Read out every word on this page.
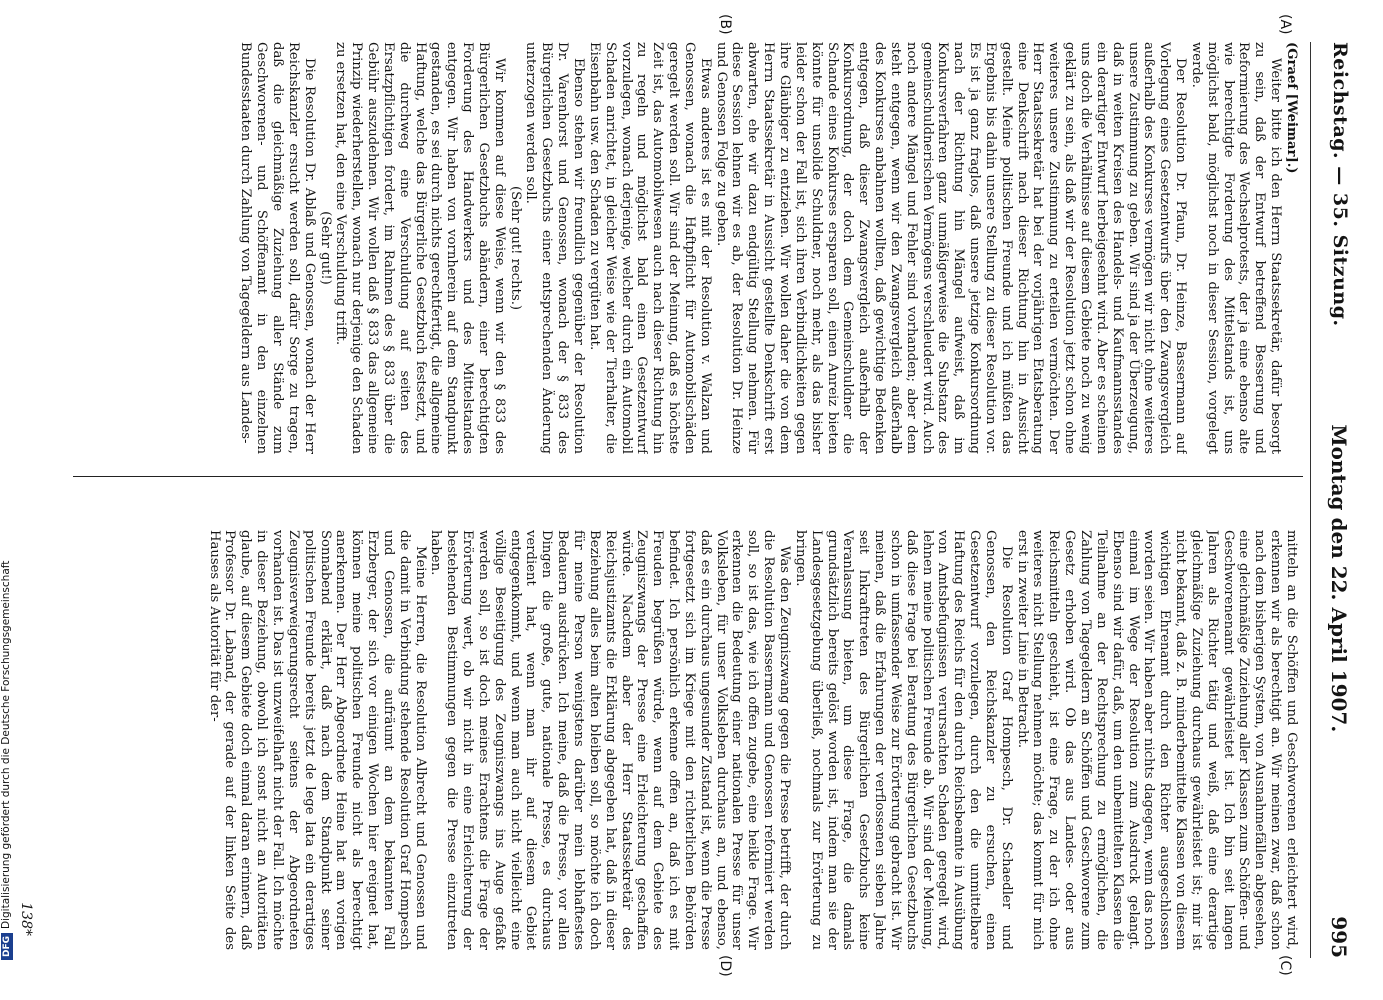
Reichstag. — 35. Sitzung.
Montag den 22. April 1907.  995
(A)
(B)
(C)
(D)

(Graef [Weimar].)

Weiter bitte ich den Herrn Staatssekretär, dafür besorgt zu sein, daß der Entwurf betreffend Besserung und Reformierung des Wechselprotests, der ja eine ebenso alte wie berechtigte Forderung des Mittelstands ist, uns möglichst bald, möglichst noch in dieser Session, vorgelegt werde.

Der Resolution Dr. Pfaun, Dr. Heinze, Bassermann auf Vorlegung eines Gesetzentwurfs über den Zwangsvergleich außerhalb des Konkurses vermögen wir nicht ohne weiteres unsere Zustimmung zu geben. Wir sind ja der Überzeugung, daß in weiten Kreisen des Handels- und Kaufmannsstandes ein derartiger Entwurf herbeigesehnt wird. Aber es scheinen uns doch die Verhältnisse auf diesem Gebiete noch zu wenig geklärt zu sein, als daß wir der Resolution jetzt schon ohne weiteres unsere Zustimmung zu erteilen vermöchten. Der Herr Staatssekretär hat bei der vorjährigen Etatsberatung eine Denkschrift nach dieser Richtung hin in Aussicht gestellt. Meine politischen Freunde und ich müßten das Ergebnis bis dahin unsere Stellung zu dieser Resolution vor. Es ist ja ganz fraglos, daß unsere jetzige Konkursordnung nach der Richtung hin Mängel aufweist, daß im Konkursverfahren ganz unmäßigerweise die Substanz des gemeinschuldnerischen Vermögens verschleudert wird. Auch noch andere Mängel und Fehler sind vorhanden; aber dem steht entgegen, wenn wir den Zwangsvergleich außerhalb des Konkurses anbahnen wollten, daß gewichtige Bedenken entgegen, daß dieser Zwangsvergleich außerhalb der Konkursordnung, der doch dem Gemeinschuldner die Schande eines Konkurses ersparen soll, einen Anreiz bieten könnte für unsolide Schuldner, noch mehr, als das bisher leider schon der Fall ist, sich ihren Verbindlichkeiten gegen ihre Gläubiger zu entziehen. Wir wollen daher die von dem Herrn Staatssekretär in Aussicht gestellte Denkschrift erst abwarten, ehe wir dazu endgültig Stellung nehmen. Für diese Session lehnen wir es ab, der Resolution Dr. Heinze und Genossen Folge zu geben.

Etwas anderes ist es mit der Resolution v. Walzan und Genossen, wonach die Haftpflicht für Automobilschäden geregelt werden soll. Wir sind der Meinung, daß es höchste Zeit ist, das Automobilwesen auch nach dieser Richtung hin zu regeln und möglichst bald einen Gesetzentwurf vorzulegen, wonach derjenige, welcher durch ein Automobil Schaden anrichtet, in gleicher Weise wie der Tierhalter, die Eisenbahn usw. den Schaden zu vergüten hat.

Ebenso stehen wir freundlich gegenüber der Resolution Dr. Varenhorst und Genossen, wonach der § 833 des Bürgerlichen Gesetzbuchs einer entsprechenden Änderung unterzogen werden soll.

(Sehr gut! rechts.)

Wir kommen auf diese Weise, wenn wir den § 833 des Bürgerlichen Gesetzbuchs abändern, einer berechtigten Forderung des Handwerkers und des Mittelstandes entgegen. Wir haben von vornherein auf dem Standpunkt gestanden, es sei durch nichts gerechtfertigt, die allgemeine Haftung, welche das Bürgerliche Gesetzbuch festsetzt, und die durchweg eine Verschuldung auf seiten des Ersatzpflichtigen fordert, im Rahmen des § 833 über die Gebühr auszudehnen. Wir wollen daß § 833 das allgemeine Prinzip wiederherstellen, wonach nur derjenige den Schaden zu ersetzen hat, den eine Verschuldung trifft.

(Sehr gut!)

Die Resolution Dr. Ablaß und Genossen, wonach der Herr Reichskanzler ersucht werden soll, dafür Sorge zu tragen, daß die gleichmäßige Zuziehung aller Stände zum Geschworenen- und Schöffenamt in den einzelnen Bundesstaaten durch Zahlung von Tagegeldern aus Landes-

mitteln an die Schöffen und Geschworenen erleichtert wird, erkennen wir als berechtigt an. Wir meinen zwar, daß schon nach dem bisherigen System, von Ausnahmefällen abgesehen, eine gleichmäßige Zuziehung aller Klassen zum Schöffen- und Geschworenenamt gewährleistet ist. Ich bin seit langen Jahren als Richter tätig und weiß, daß eine derartige gleichmäßige Zuziehung durchaus gewährleistet ist; mir ist nicht bekannt, daß z. B. minderbemittelte Klassen von diesem wichtigen Ehrenamt durch den Richter ausgeschlossen worden seien. Wir haben aber nichts dagegen, wenn das noch einmal im Wege der Resolution zum Ausdruck gelangt. Ebenso sind wir dafür, daß, um den unbemittelten Klassen die Teilnahme an der Rechtsprechung zu ermöglichen, die Zahlung von Tagegeldern an Schöffen und Geschworene zum Gesetz erhoben wird. Ob das aus Landes- oder aus Reichsmitteln geschieht, ist eine Frage, zu der ich ohne weiteres nicht Stellung nehmen möchte; das kommt für mich erst in zweiter Linie in Betracht.

Die Resolution Graf Hompesch, Dr. Schaedler und Genossen, den Reichskanzler zu ersuchen, einen Gesetzentwurf vorzulegen, durch den die unmittelbare Haftung des Reichs für den durch Reichsbeamte in Ausübung von Amtsbefugnissen verursachten Schaden geregelt wird, lehnen meine politischen Freunde ab. Wir sind der Meinung, daß diese Frage bei Beratung des Bürgerlichen Gesetzbuchs schon in umfassender Weise zur Erörterung gebracht ist. Wir meinen, daß die Erfahrungen der verflossenen sieben Jahre seit Inkrafttreten des Bürgerlichen Gesetzbuchs keine Veranlassung bieten, um diese Frage, die damals grundsätzlich bereits gelöst worden ist, indem man sie der Landesgesetzgebung überließ, nochmals zur Erörterung zu bringen.

Was den Zeugniszwang gegen die Presse betrifft, der durch die Resolution Bassermann und Genossen reformiert werden soll, so ist das, wie ich offen zugebe, eine heikle Frage. Wir erkennen die Bedeutung einer nationalen Presse für unser Volksleben, für unser Volksleben durchaus an, und ebenso, daß es ein durchaus ungesunder Zustand ist, wenn die Presse fortgesetzt sich im Kriege mit den richterlichen Behörden befindet. Ich persönlich erkenne offen an, daß ich es mit Freuden begrüßen würde, wenn auf dem Gebiete des Zeugniszwangs der Presse eine Erleichterung geschaffen würde. Nachdem aber der Herr Staatssekretär des Reichsjustizamts die Erklärung abgegeben hat, daß in dieser Beziehung alles beim alten bleiben soll, so möchte ich doch für meine Person wenigstens darüber mein lebhaftestes Bedauern ausdrücken. Ich meine, daß die Presse, vor allen Dingen die große, gute, nationale Presse, es durchaus verdient hat, wenn man ihr auf diesem Gebiet entgegenkommt, und wenn man auch nicht vielleicht eine völlige Beseitigung des Zeugniszwangs ins Auge gefaßt werden soll, so ist doch meines Erachtens die Frage der Erörterung wert, ob wir nicht in eine Erleichterung der bestehenden Bestimmungen gegen die Presse einzutreten haben.

Meine Herren, die Resolution Albrecht und Genossen und die damit in Verbindung stehende Resolution Graf Hompesch und Genossen, die aufräumt an dem bekannten Fall Erzberger, der sich vor einigen Wochen hier ereignet hat, können meine politischen Freunde nicht als berechtigt anerkennen. Der Herr Abgeordnete Heine hat am vorigen Sonnabend erklärt, daß nach dem Standpunkt seiner politischen Freunde bereits jetzt de lege lata ein derartiges Zeugnisverweigerungsrecht seitens der Abgeordneten vorhanden ist. Das ist unzweifelhaft nicht der Fall. Ich möchte in dieser Beziehung, obwohl ich sonst nicht an Autoritäten glaube, auf diesem Gebiete doch einmal daran erinnern, daß Professor Dr. Laband, der gerade auf der linken Seite des Hauses als Autorität für der-

138*
DFGDigitalisierung gefördert durch die Deutsche Forschungsgemeinschaft
